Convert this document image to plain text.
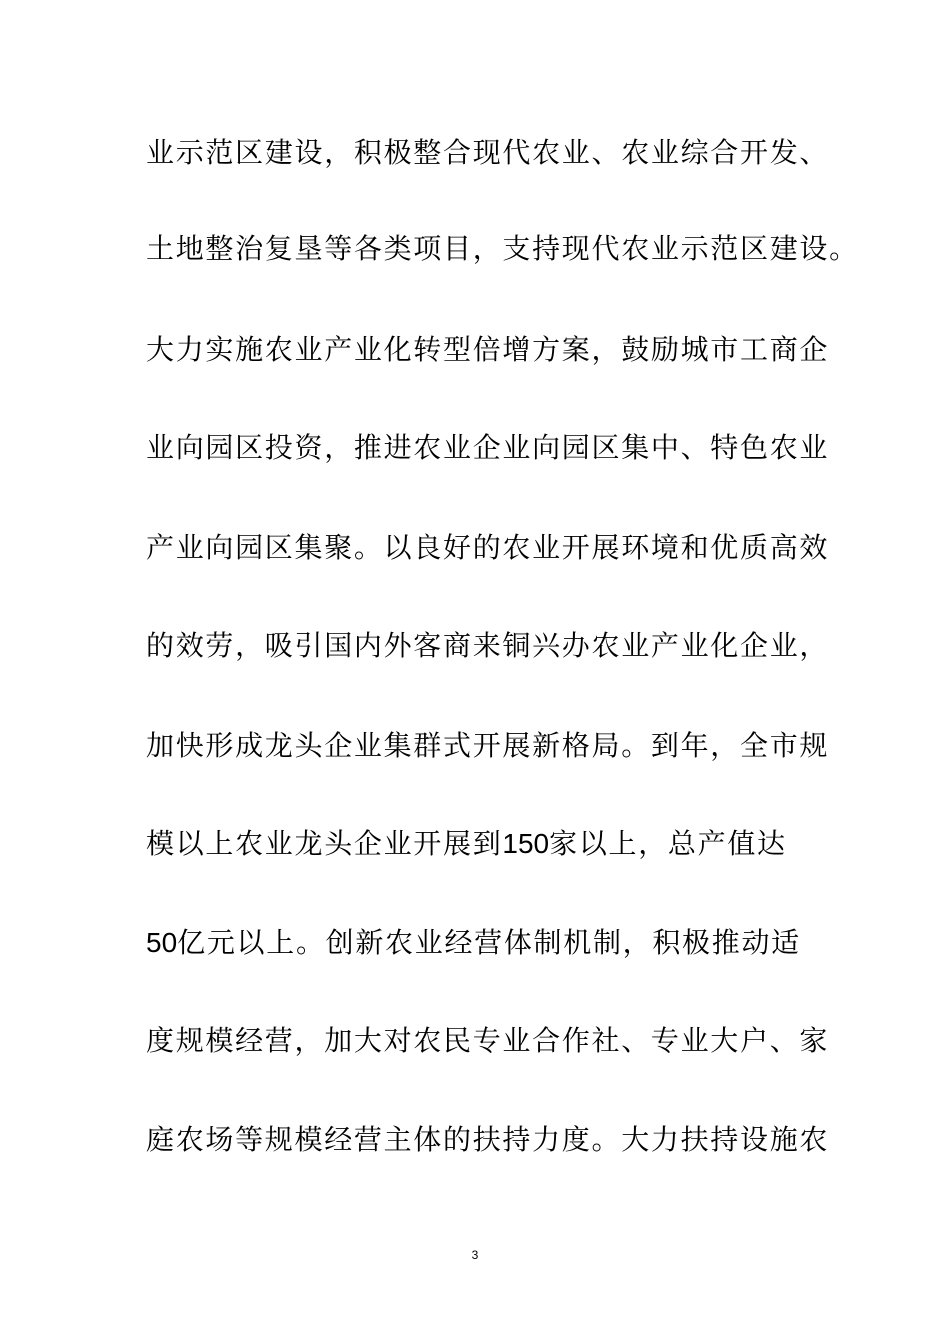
业示范区建设，积极整合现代农业、农业综合开发、
土地整治复垦等各类项目，支持现代农业示范区建设。
大力实施农业产业化转型倍增方案，鼓励城市工商企
业向园区投资，推进农业企业向园区集中、特色农业
产业向园区集聚。以良好的农业开展环境和优质高效
的效劳，吸引国内外客商来铜兴办农业产业化企业，
加快形成龙头企业集群式开展新格局。到年，全市规
模以上农业龙头企业开展到150家以上，总产值达
50亿元以上。创新农业经营体制机制，积极推动适
度规模经营，加大对农民专业合作社、专业大户、家
庭农场等规模经营主体的扶持力度。大力扶持设施农
3
